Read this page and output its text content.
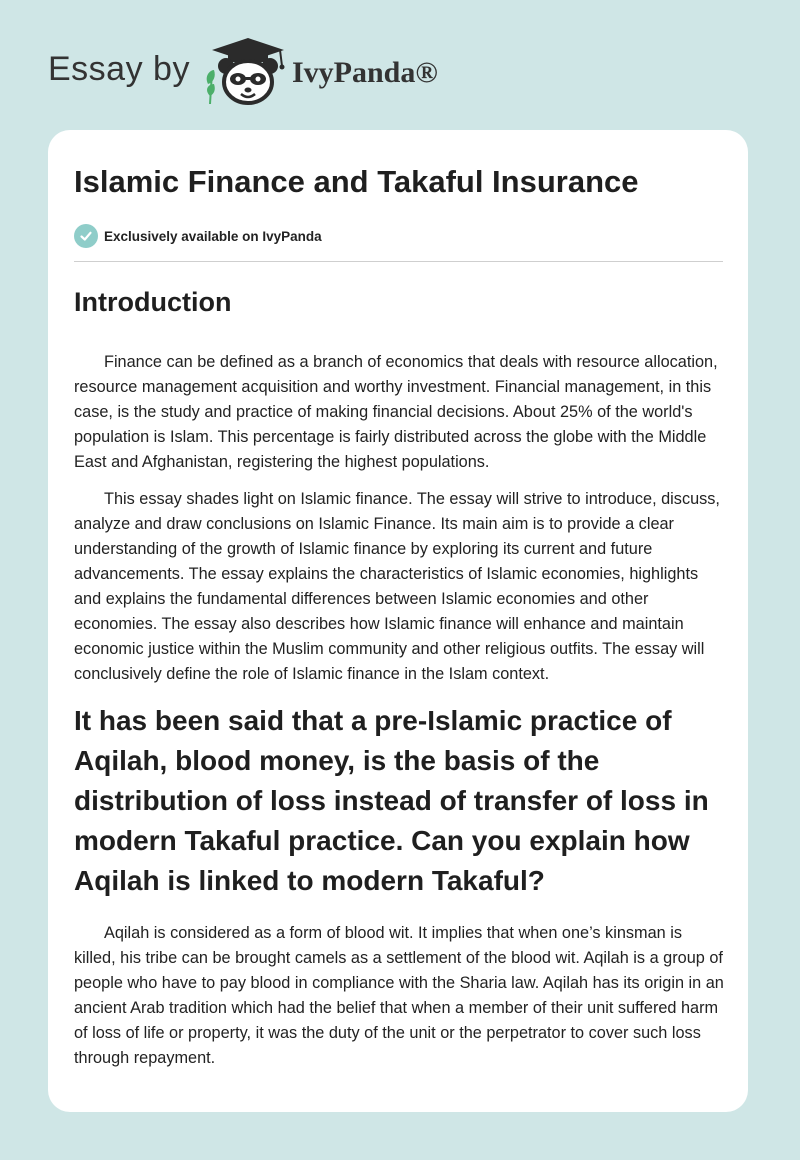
Essay by	IvyPanda®
Islamic Finance and Takaful Insurance
Exclusively available on IvyPanda
Introduction

Finance can be defined as a branch of economics that deals with resource allocation, resource management acquisition and worthy investment. Financial management, in this case, is the study and practice of making financial decisions. About 25% of the world's population is Islam. This percentage is fairly distributed across the globe with the Middle East and Afghanistan, registering the highest populations.

This essay shades light on Islamic finance. The essay will strive to introduce, discuss, analyze and draw conclusions on Islamic Finance. Its main aim is to provide a clear understanding of the growth of Islamic finance by exploring its current and future advancements. The essay explains the characteristics of Islamic economies, highlights and explains the fundamental differences between Islamic economies and other economies. The essay also describes how Islamic finance will enhance and maintain economic justice within the Muslim community and other religious outfits. The essay will conclusively define the role of Islamic finance in the Islam context.

It has been said that a pre-Islamic practice of Aqilah, blood money, is the basis of the distribution of loss instead of transfer of loss in modern Takaful practice. Can you explain how Aqilah is linked to modern Takaful?

Aqilah is considered as a form of blood wit. It implies that when one’s kinsman is killed, his tribe can be brought camels as a settlement of the blood wit. Aqilah is a group of people who have to pay blood in compliance with the Sharia law. Aqilah has its origin in an ancient Arab tradition which had the belief that when a member of their unit suffered harm of loss of life or property, it was the duty of the unit or the perpetrator to cover such loss through repayment.
